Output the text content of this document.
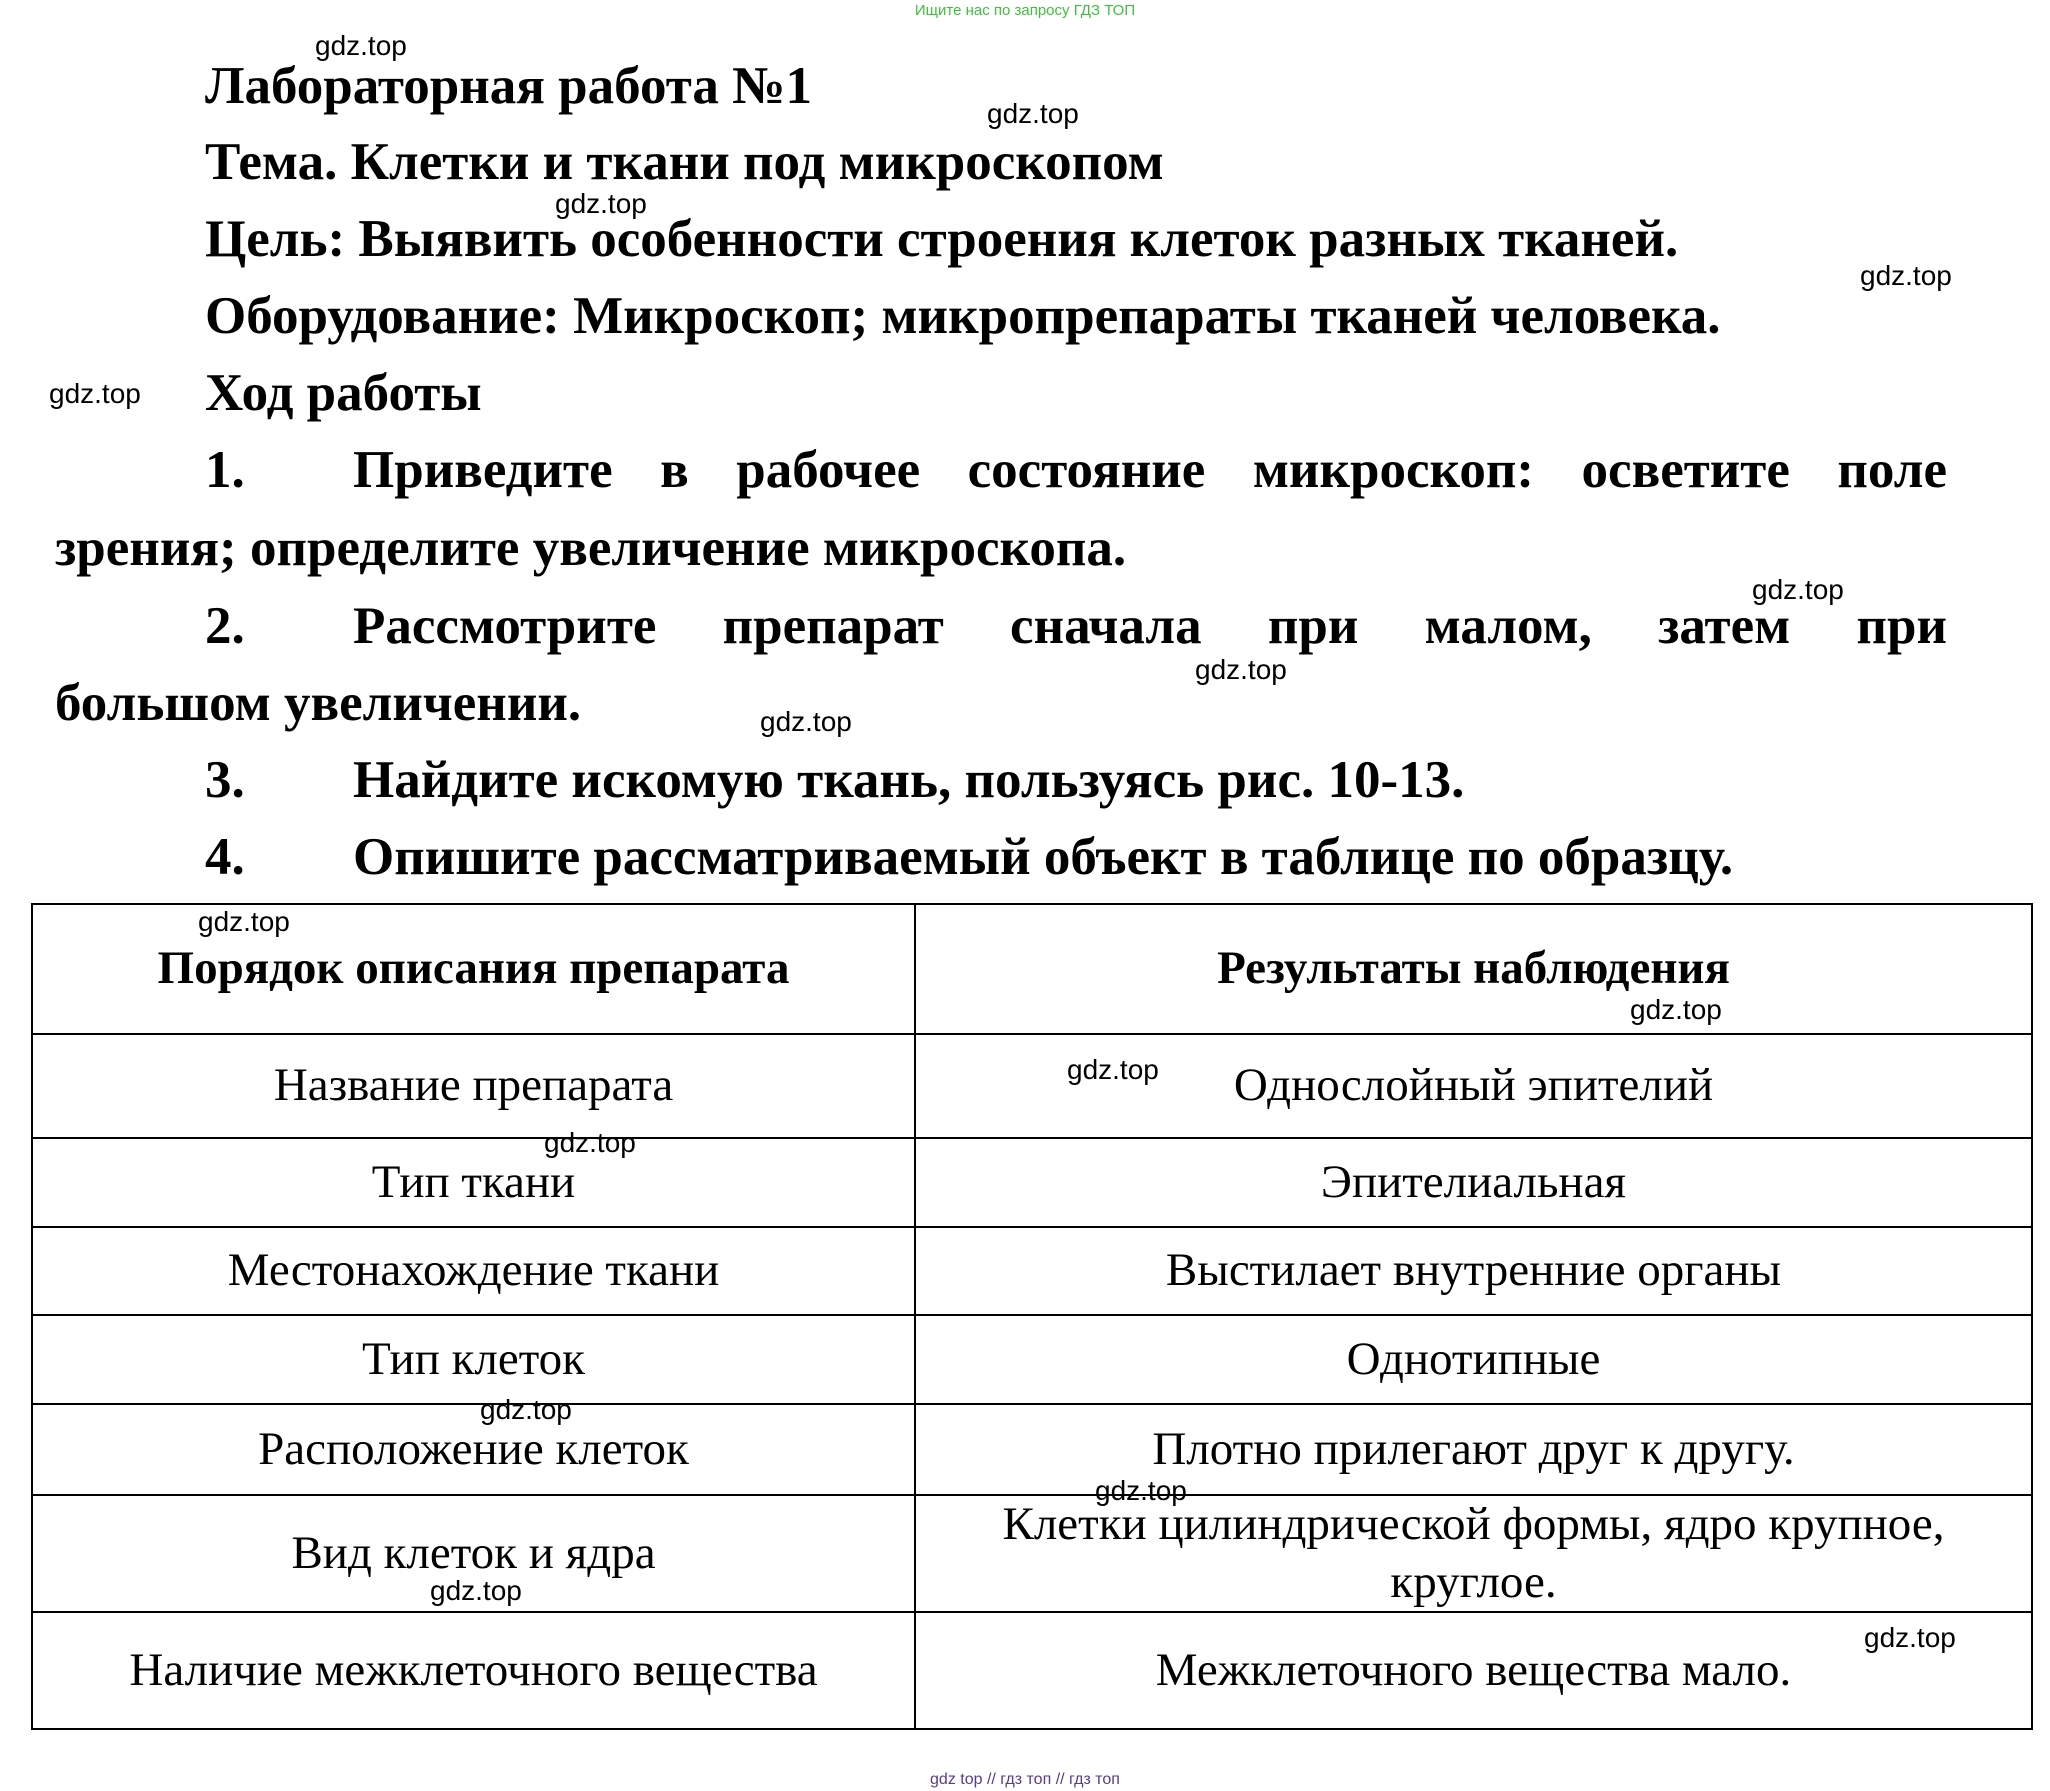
Ищите нас по запросу ГДЗ ТОП
Лабораторная работа №1
Тема. Клетки и ткани под микроскопом
Цель: Выявить особенности строения клеток разных тканей.
Оборудование: Микроскоп; микропрепараты тканей человека.
Ход работы
1. Приведите в рабочее состояние микроскоп: осветите поле
зрения; определите увеличение микроскопа.
2. Рассмотрите препарат сначала при малом, затем при
большом увеличении.
3. Найдите искомую ткань, пользуясь рис. 10-13.
4. Опишите рассматриваемый объект в таблице по образцу.
Порядок описания препарата	Результаты наблюдения
Название препарата	Однослойный эпителий
Тип ткани	Эпителиальная
Местонахождение ткани	Выстилает внутренние органы
Тип клеток	Однотипные
Расположение клеток	Плотно прилегают друг к другу.
Вид клеток и ядра	Клетки цилиндрической формы, ядро крупное, круглое.
Наличие межклеточного вещества	Межклеточного вещества мало.
gdz.top
gdz.top
gdz.top
gdz.top
gdz.top
gdz.top
gdz.top
gdz.top
gdz.top
gdz.top
gdz.top
gdz.top
gdz.top
gdz.top
gdz.top
gdz.top
gdz top // гдз топ // гдз топ
